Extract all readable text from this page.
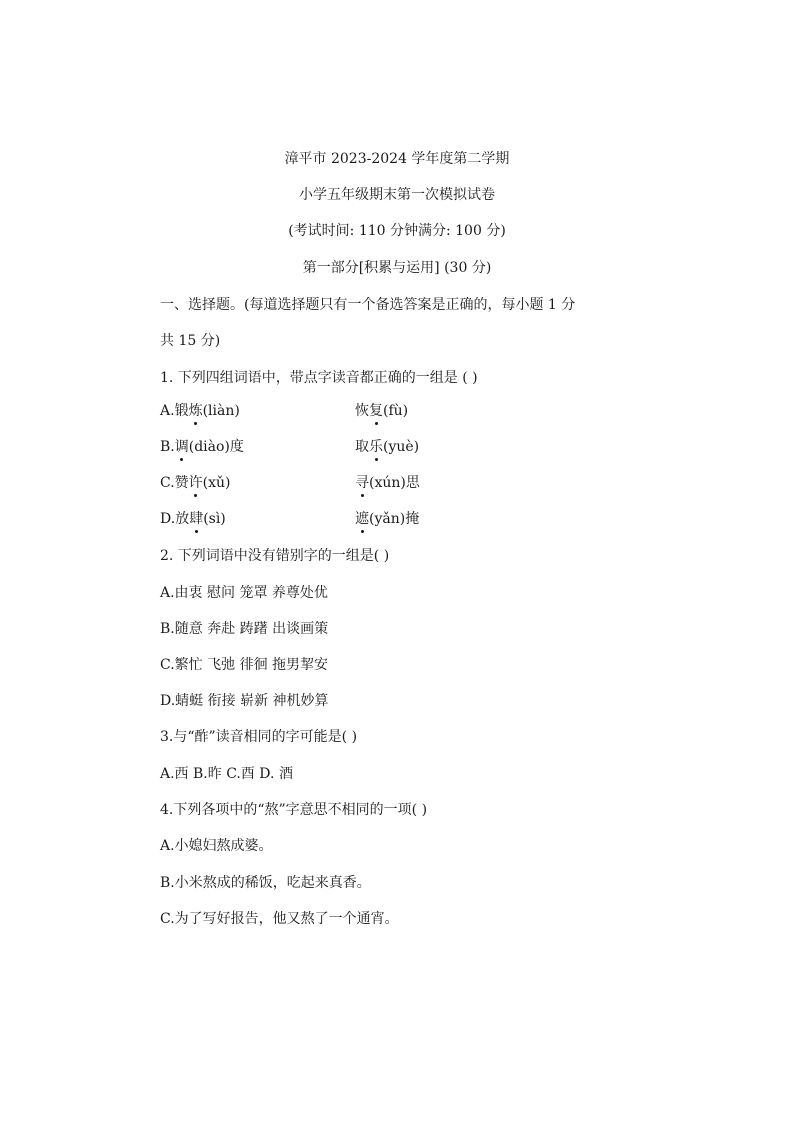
漳平市 2023-2024 学年度第二学期
小学五年级期末第一次模拟试卷
(考试时间: 110 分钟满分: 100 分)
第一部分[积累与运用] (30 分)
一、选择题。(每道选择题只有一个备选答案是正确的，每小题 1 分
共 15 分)
1. 下列四组词语中，带点字读音都正确的一组是 ( )
A.锻炼(liàn)	恢复(fù)
B.调(diào)度	取乐(yuè)
C.赞许(xǔ)	寻(xún)思
D.放肆(sì)	遮(yǎn)掩
2. 下列词语中没有错别字的一组是( )
A.由衷 慰问 笼罩 养尊处优
B.随意 奔赴 踌躇 出谈画策
C.繁忙 飞弛 徘徊 拖男挈安
D.蜻蜓 衔接 崭新 神机妙算
3.与“酢”读音相同的字可能是( )
A.西 B.昨 C.酉 D. 酒
4.下列各项中的“熬”字意思不相同的一项( )
A.小媳妇熬成婆。
B.小米熬成的稀饭，吃起来真香。
C.为了写好报告，他又熬了一个通宵。
